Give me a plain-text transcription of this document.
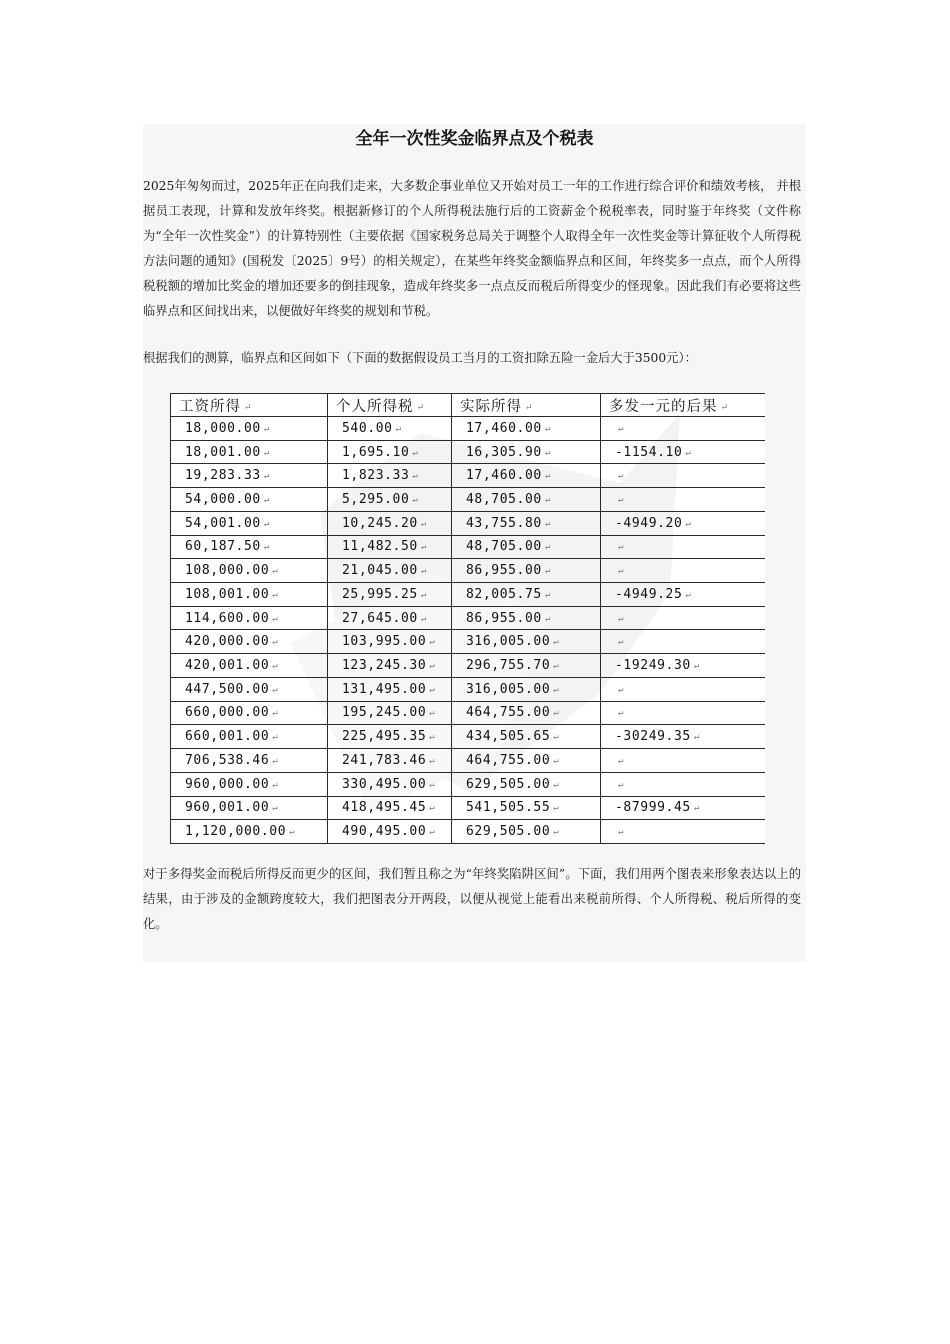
全年一次性奖金临界点及个税表

2025年匆匆而过，2025年正在向我们走来，大多数企事业单位又开始对员工一年的工作进行综合评价和绩效考核， 并根据员工表现，计算和发放年终奖。根据新修订的个人所得税法施行后的工资薪金个税税率表，同时鉴于年终奖（文件称为“全年一次性奖金”）的计算特别性（主要依据《国家税务总局关于调整个人取得全年一次性奖金等计算征收个人所得税方法问题的通知》(国税发〔2025〕9号）的相关规定），在某些年终奖金额临界点和区间，年终奖多一点点，而个人所得税税额的增加比奖金的增加还要多的倒挂现象，造成年终奖多一点点反而税后所得变少的怪现象。因此我们有必要将这些临界点和区间找出来，以便做好年终奖的规划和节税。

根据我们的测算，临界点和区间如下（下面的数据假设员工当月的工资扣除五险一金后大于3500元）：

工资所得 ↵	个人所得税 ↵	实际所得 ↵	多发一元的后果 ↵
18,000.00 ↵	540.00 ↵	17,460.00 ↵	↵
18,001.00 ↵	1,695.10 ↵	16,305.90 ↵	-1154.10 ↵
19,283.33 ↵	1,823.33 ↵	17,460.00 ↵	↵
54,000.00 ↵	5,295.00 ↵	48,705.00 ↵	↵
54,001.00 ↵	10,245.20 ↵	43,755.80 ↵	-4949.20 ↵
60,187.50 ↵	11,482.50 ↵	48,705.00 ↵	↵
108,000.00 ↵	21,045.00 ↵	86,955.00 ↵	↵
108,001.00 ↵	25,995.25 ↵	82,005.75 ↵	-4949.25 ↵
114,600.00 ↵	27,645.00 ↵	86,955.00 ↵	↵
420,000.00 ↵	103,995.00 ↵	316,005.00 ↵	↵
420,001.00 ↵	123,245.30 ↵	296,755.70 ↵	-19249.30 ↵
447,500.00 ↵	131,495.00 ↵	316,005.00 ↵	↵
660,000.00 ↵	195,245.00 ↵	464,755.00 ↵	↵
660,001.00 ↵	225,495.35 ↵	434,505.65 ↵	-30249.35 ↵
706,538.46 ↵	241,783.46 ↵	464,755.00 ↵	↵
960,000.00 ↵	330,495.00 ↵	629,505.00 ↵	↵
960,001.00 ↵	418,495.45 ↵	541,505.55 ↵	-87999.45 ↵
1,120,000.00 ↵	490,495.00 ↵	629,505.00 ↵	↵

对于多得奖金而税后所得反而更少的区间，我们暂且称之为“年终奖陷阱区间”。下面，我们用两个图表来形象表达以上的结果，由于涉及的金额跨度较大，我们把图表分开两段，以便从视觉上能看出来税前所得、个人所得税、税后所得的变化。
